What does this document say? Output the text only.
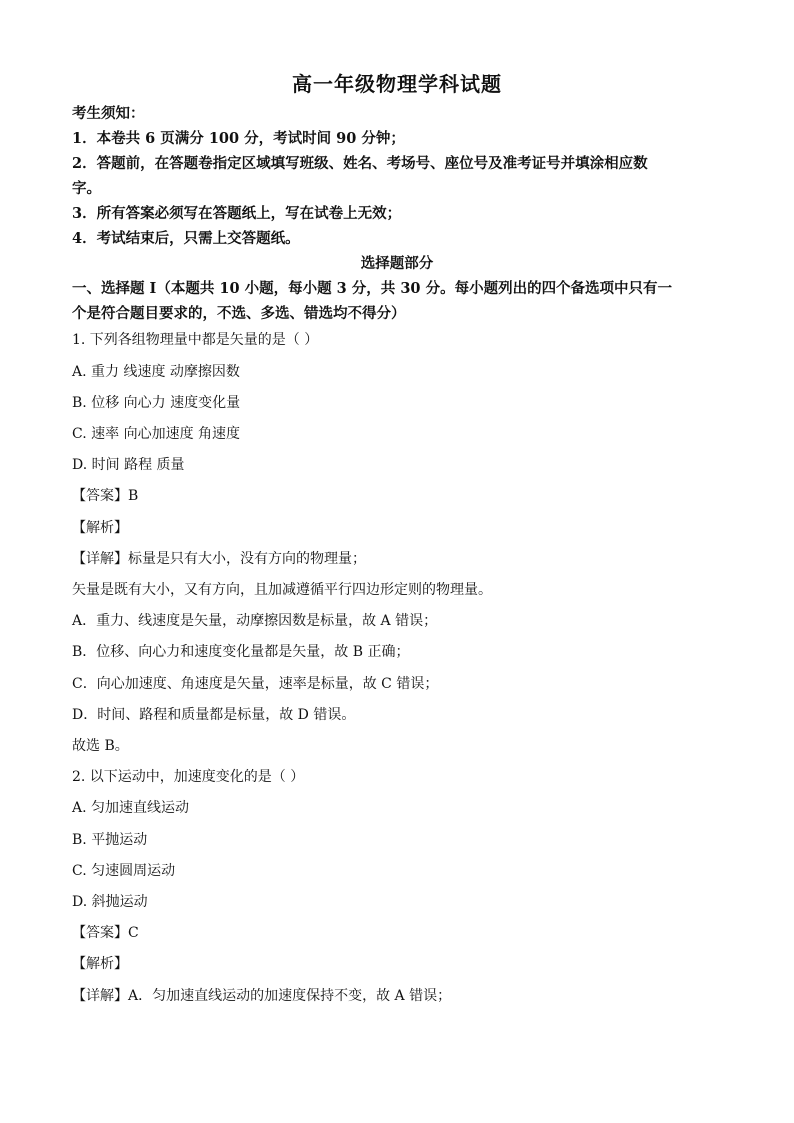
高一年级物理学科试题
考生须知：
1．本卷共 6 页满分 100 分，考试时间 90 分钟；
2．答题前，在答题卷指定区域填写班级、姓名、考场号、座位号及准考证号并填涂相应数
字。
3．所有答案必须写在答题纸上，写在试卷上无效；
4．考试结束后，只需上交答题纸。
选择题部分
一、选择题 I（本题共 10 小题，每小题 3 分，共 30 分。每小题列出的四个备选项中只有一
个是符合题目要求的，不选、多选、错选均不得分）
1. 下列各组物理量中都是矢量的是（ ）
A. 重力 线速度 动摩擦因数
B. 位移 向心力 速度变化量
C. 速率 向心加速度 角速度
D. 时间 路程 质量
【答案】B
【解析】
【详解】标量是只有大小，没有方向的物理量；
矢量是既有大小，又有方向，且加减遵循平行四边形定则的物理量。
A．重力、线速度是矢量，动摩擦因数是标量，故 A 错误；
B．位移、向心力和速度变化量都是矢量，故 B 正确；
C．向心加速度、角速度是矢量，速率是标量，故 C 错误；
D．时间、路程和质量都是标量，故 D 错误。
故选 B。
2. 以下运动中，加速度变化的是（ ）
A. 匀加速直线运动
B. 平抛运动
C. 匀速圆周运动
D. 斜抛运动
【答案】C
【解析】
【详解】A．匀加速直线运动的加速度保持不变，故 A 错误；
